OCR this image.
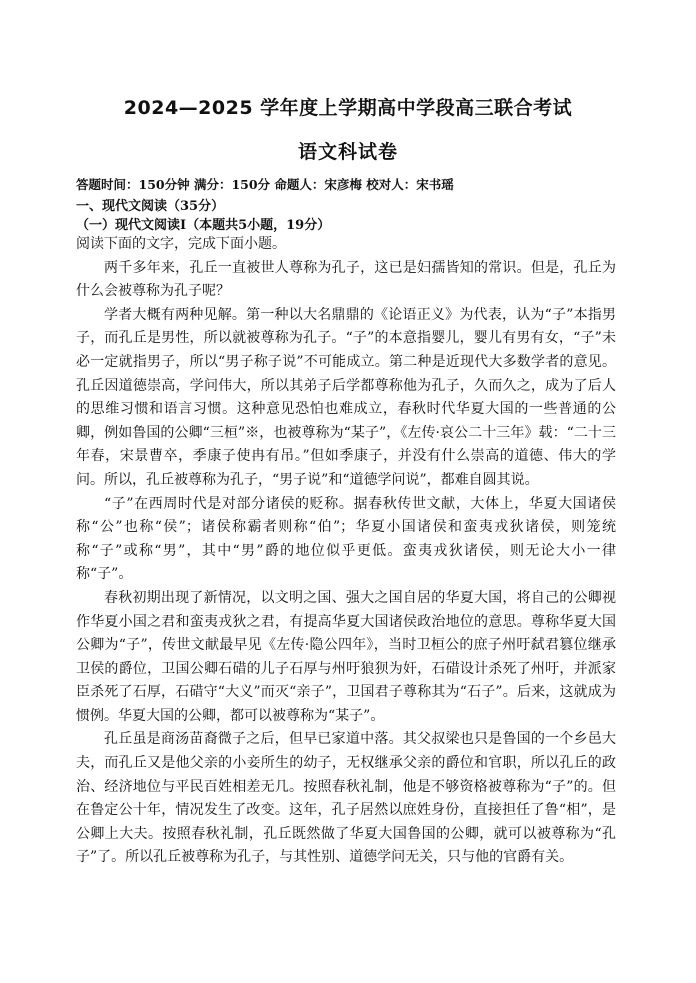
2024—2025 学年度上学期高中学段高三联合考试
语文科试卷
答题时间：150分钟 满分：150分 命题人：宋彦梅 校对人：宋书瑶
一、现代文阅读（35分）
（一）现代文阅读Ⅰ（本题共5小题，19分）

阅读下面的文字，完成下面小题。

两千多年来，孔丘一直被世人尊称为孔子，这已是妇孺皆知的常识。但是，孔丘为什么会被尊称为孔子呢？

学者大概有两种见解。第一种以大名鼎鼎的《论语正义》为代表，认为“子”本指男子，而孔丘是男性，所以就被尊称为孔子。“子”的本意指婴儿，婴儿有男有女，“子”未必一定就指男子，所以“男子称子说”不可能成立。第二种是近现代大多数学者的意见。孔丘因道德崇高，学问伟大，所以其弟子后学都尊称他为孔子，久而久之，成为了后人的思维习惯和语言习惯。这种意见恐怕也难成立，春秋时代华夏大国的一些普通的公卿，例如鲁国的公卿“三桓”※，也被尊称为“某子”，《左传·哀公二十三年》载：“二十三年春，宋景曹卒，季康子使冉有吊。”但如季康子，并没有什么崇高的道德、伟大的学问。所以，孔丘被尊称为孔子，“男子说”和“道德学问说”，都难自圆其说。

“子”在西周时代是对部分诸侯的贬称。据春秋传世文献，大体上，华夏大国诸侯称“公”也称“侯”；诸侯称霸者则称“伯”；华夏小国诸侯和蛮夷戎狄诸侯，则笼统称“子”或称“男”，其中“男”爵的地位似乎更低。蛮夷戎狄诸侯，则无论大小一律称“子”。

春秋初期出现了新情况，以文明之国、强大之国自居的华夏大国，将自己的公卿视作华夏小国之君和蛮夷戎狄之君，有提高华夏大国诸侯政治地位的意思。尊称华夏大国公卿为“子”，传世文献最早见《左传·隐公四年》，当时卫桓公的庶子州吁弑君篡位继承卫侯的爵位，卫国公卿石碏的儿子石厚与州吁狼狈为奸，石碏设计杀死了州吁，并派家臣杀死了石厚，石碏守“大义”而灭“亲子”，卫国君子尊称其为“石子”。后来，这就成为惯例。华夏大国的公卿，都可以被尊称为“某子”。

孔丘虽是商汤苗裔微子之后，但早已家道中落。其父叔梁也只是鲁国的一个乡邑大夫，而孔丘又是他父亲的小妾所生的幼子，无权继承父亲的爵位和官职，所以孔丘的政治、经济地位与平民百姓相差无几。按照春秋礼制，他是不够资格被尊称为“子”的。但在鲁定公十年，情况发生了改变。这年，孔子居然以庶姓身份，直接担任了鲁“相”，是公卿上大夫。按照春秋礼制，孔丘既然做了华夏大国鲁国的公卿，就可以被尊称为“孔子”了。所以孔丘被尊称为孔子，与其性别、道德学问无关，只与他的官爵有关。
